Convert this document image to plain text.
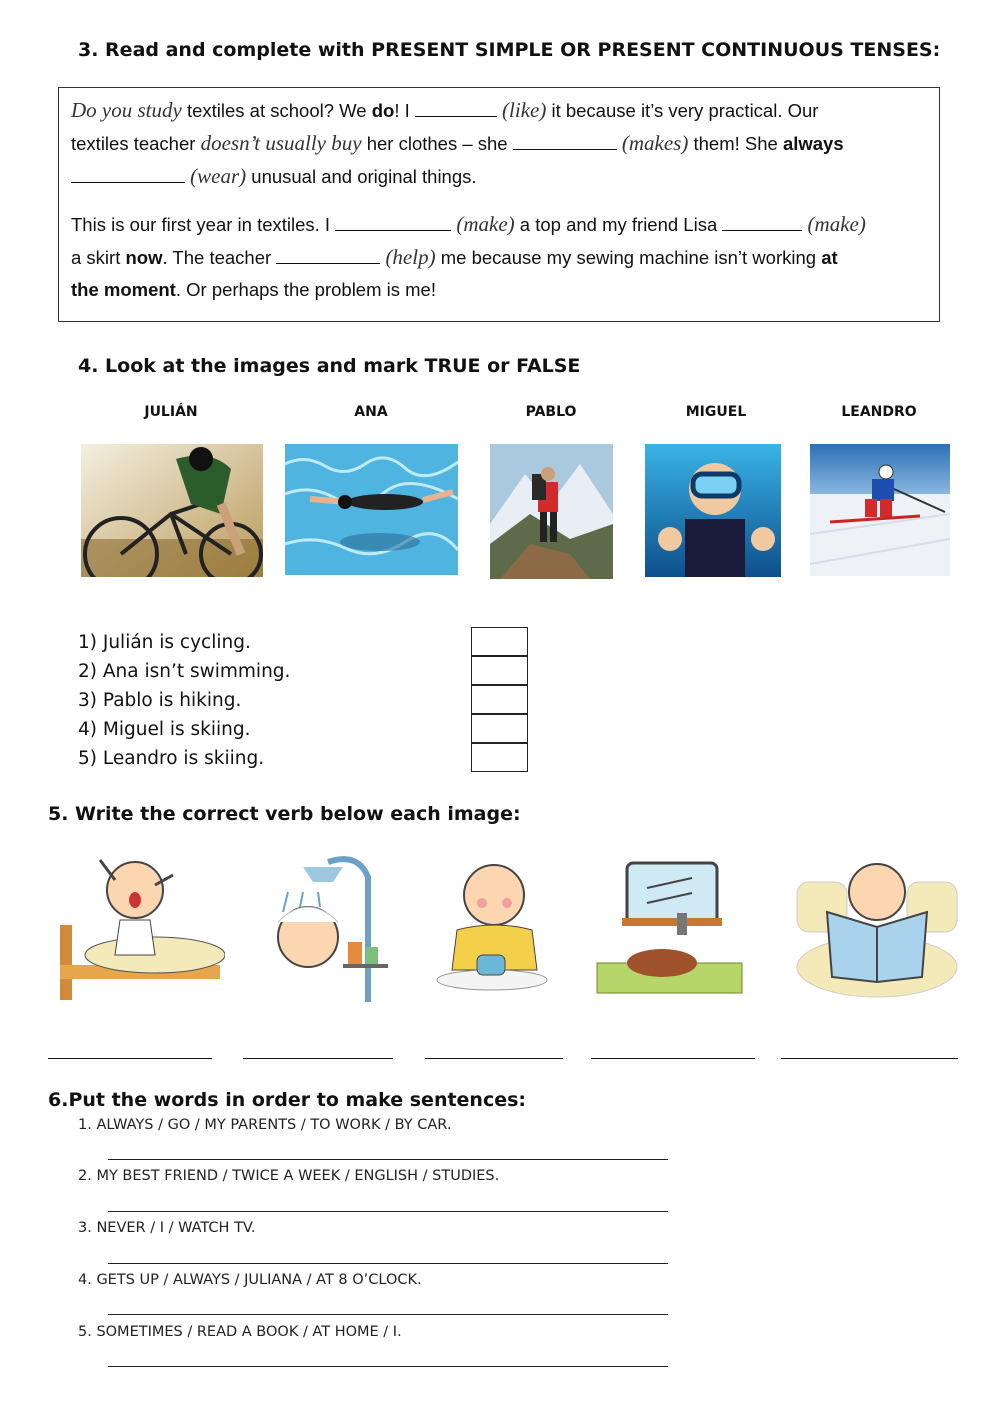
3. Read and complete with PRESENT SIMPLE OR PRESENT CONTINUOUS TENSES:
Do you study textiles at school? We do! I	(like) it because it’s very practical. Our
textiles teacher doesn’t usually buy her clothes – she	(makes) them! She always
(wear) unusual and original things.
This is our first year in textiles. I	(make) a top and my friend Lisa	(make)
a skirt now. The teacher	(help) me because my sewing machine isn’t working at
the moment. Or perhaps the problem is me!
4. Look at the images and mark TRUE or FALSE
JULIÁN	ANA	PABLO	MIGUEL	LEANDRO
1) Julián is cycling.
2) Ana isn’t swimming.
3) Pablo is hiking.
4) Miguel is skiing.
5) Leandro is skiing.
5. Write the correct verb below each image:
6.Put the words in order to make sentences:
1. ALWAYS / GO / MY PARENTS / TO WORK / BY CAR.
2. MY BEST FRIEND / TWICE A WEEK / ENGLISH / STUDIES.
3. NEVER / I / WATCH TV.
4. GETS UP / ALWAYS / JULIANA / AT 8 O’CLOCK.
5. SOMETIMES / READ A BOOK / AT HOME / I.
